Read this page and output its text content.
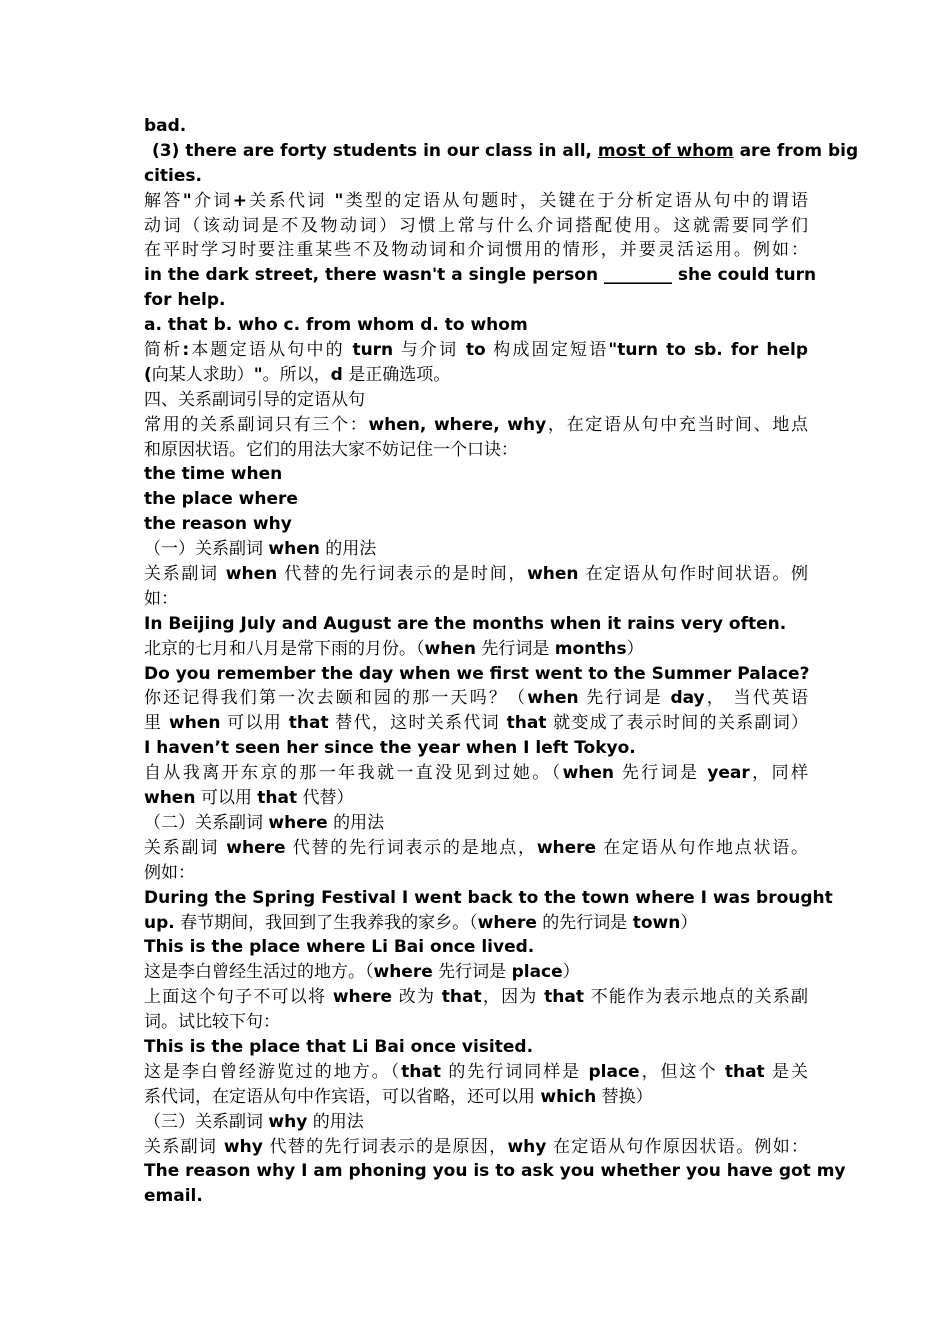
bad.
(3) there are forty students in our class in all, most of whom are from big
cities.
解答"介词+关系代词 "类型的定语从句题时，关键在于分析定语从句中的谓语
动词（该动词是不及物动词）习惯上常与什么介词搭配使用。这就需要同学们
在平时学习时要注重某些不及物动词和介词惯用的情形，并要灵活运用。例如：
in the dark street, there wasn't a single person ________ she could turn
for help.
a. that b. who c. from whom d. to whom
简析:本题定语从句中的 turn 与介词 to 构成固定短语"turn to sb. for help
(向某人求助）"。所以，d 是正确选项。
四、关系副词引导的定语从句
常用的关系副词只有三个：when, where, why，在定语从句中充当时间、地点
和原因状语。它们的用法大家不妨记住一个口诀：
the time when
the place where
the reason why
（一）关系副词 when 的用法
关系副词 when 代替的先行词表示的是时间，when 在定语从句作时间状语。例
如：
In Beijing July and August are the months when it rains very often.
北京的七月和八月是常下雨的月份。（when 先行词是 months）
Do you remember the day when we first went to the Summer Palace?
你还记得我们第一次去颐和园的那一天吗？（when 先行词是 day， 当代英语
里 when 可以用 that 替代，这时关系代词 that 就变成了表示时间的关系副词）
I haven’t seen her since the year when I left Tokyo.
自从我离开东京的那一年我就一直没见到过她。（when 先行词是 year，同样
when 可以用 that 代替）
（二）关系副词 where 的用法
关系副词 where 代替的先行词表示的是地点，where 在定语从句作地点状语。
例如：
During the Spring Festival I went back to the town where I was brought
up. 春节期间，我回到了生我养我的家乡。（where 的先行词是 town）
This is the place where Li Bai once lived.
这是李白曾经生活过的地方。（where 先行词是 place）
上面这个句子不可以将 where 改为 that，因为 that 不能作为表示地点的关系副
词。试比较下句：
This is the place that Li Bai once visited.
这是李白曾经游览过的地方。（that 的先行词同样是 place，但这个 that 是关
系代词，在定语从句中作宾语，可以省略，还可以用 which 替换）
（三）关系副词 why 的用法
关系副词 why 代替的先行词表示的是原因，why 在定语从句作原因状语。例如：
The reason why I am phoning you is to ask you whether you have got my
email.
